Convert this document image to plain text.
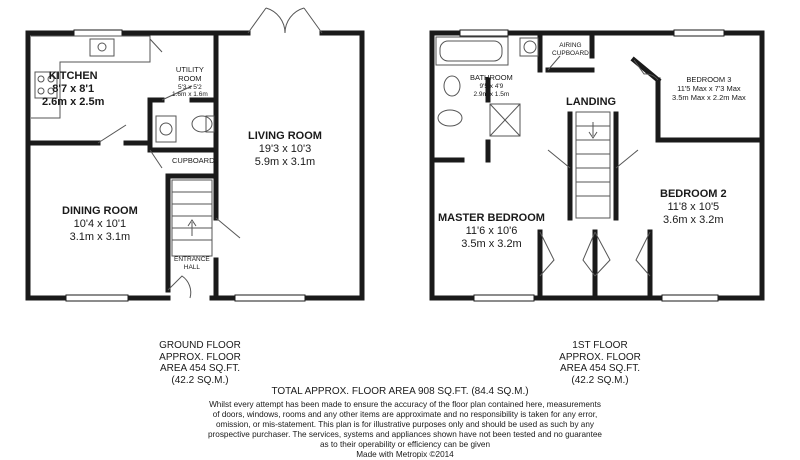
KITCHEN
8'7 x 8'1
2.6m x 2.5m
UTILITY
ROOM
5'3 x 5'2
1.6m x 1.6m
LIVING ROOM
19'3 x 10'3
5.9m x 3.1m
CUPBOARD
DINING ROOM
10'4 x 10'1
3.1m x 3.1m
ENTRANCE
HALL
BATHROOM
9'5 x 4'9
2.9m x 1.5m
AIRING
CUPBOARD
LANDING
BEDROOM 3
11'5 Max x 7'3 Max
3.5m Max x 2.2m Max
MASTER BEDROOM
11'6 x 10'6
3.5m x 3.2m
BEDROOM 2
11'8 x 10'5
3.6m x 3.2m
GROUND FLOOR
APPROX. FLOOR
AREA 454 SQ.FT.
(42.2 SQ.M.)
1ST FLOOR
APPROX. FLOOR
AREA 454 SQ.FT.
(42.2 SQ.M.)
TOTAL APPROX. FLOOR AREA 908 SQ.FT. (84.4 SQ.M.)
Whilst every attempt has been made to ensure the accuracy of the floor plan contained here, measurements
of doors, windows, rooms and any other items are approximate and no responsibility is taken for any error,
omission, or mis-statement. This plan is for illustrative purposes only and should be used as such by any
prospective purchaser. The services, systems and appliances shown have not been tested and no guarantee
as to their operability or efficiency can be given
Made with Metropix ©2014
